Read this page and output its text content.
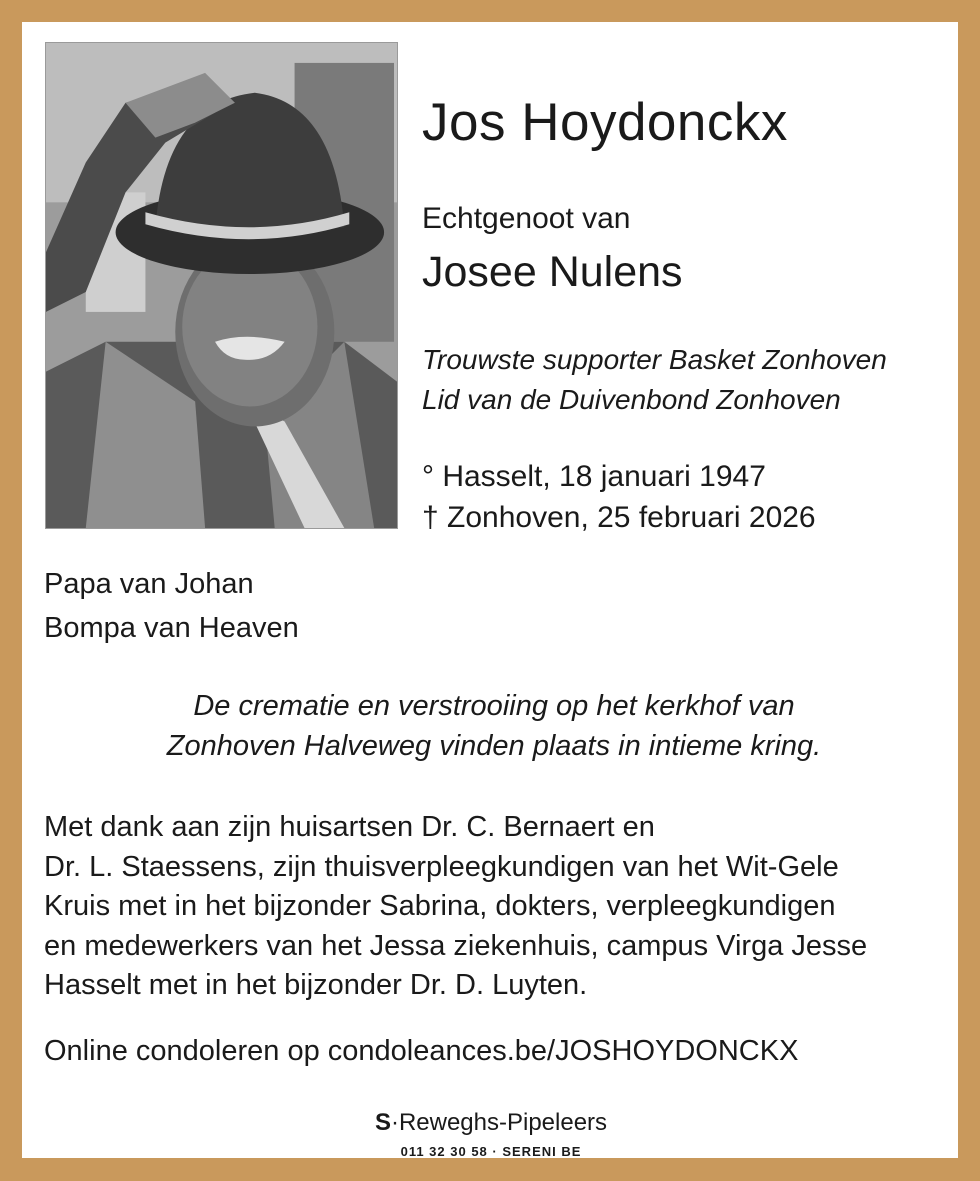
Jos Hoydonckx
Echtgenoot van
Josee Nulens
Trouwste supporter Basket Zonhoven
Lid van de Duivenbond Zonhoven
° Hasselt, 18 januari 1947
† Zonhoven, 25 februari 2026
Papa van Johan
Bompa van Heaven
De crematie en verstrooiing op het kerkhof van
Zonhoven Halveweg vinden plaats in intieme kring.
Met dank aan zijn huisartsen Dr. C. Bernaert en
Dr. L. Staessens, zijn thuisverpleegkundigen van het Wit-Gele
Kruis met in het bijzonder Sabrina, dokters, verpleegkundigen
en medewerkers van het Jessa ziekenhuis, campus Virga Jesse
Hasselt met in het bijzonder Dr. D. Luyten.
Online condoleren op condoleances.be/JOSHOYDONCKX
S·Reweghs-Pipeleers
011 32 30 58 · SERENI BE
